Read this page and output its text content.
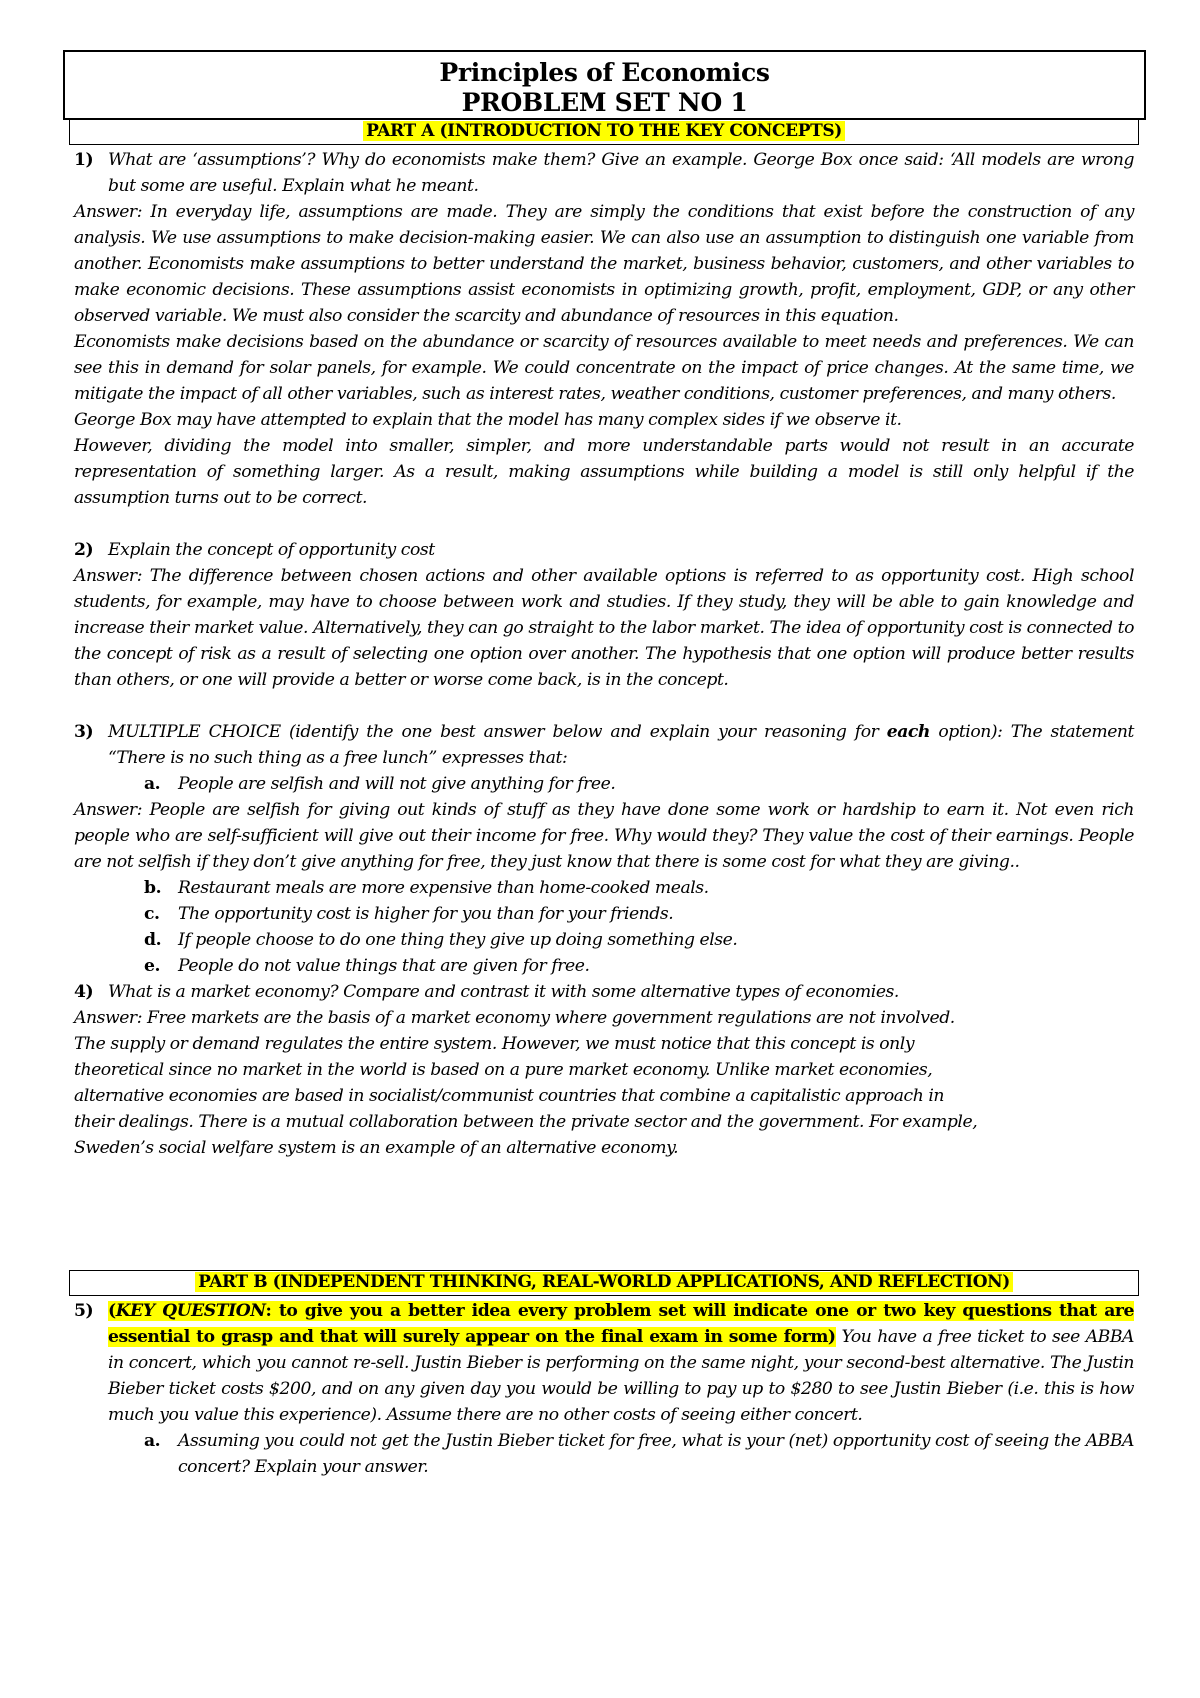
Principles of Economics
PROBLEM SET NO 1
PART A (INTRODUCTION TO THE KEY CONCEPTS)
1) What are ‘assumptions’? Why do economists make them? Give an example. George Box once said: ‘All models are wrong but some are useful. Explain what he meant.

Answer: In everyday life, assumptions are made. They are simply the conditions that exist before the construction of any analysis. We use assumptions to make decision-making easier. We can also use an assumption to distinguish one variable from another. Economists make assumptions to better understand the market, business behavior, customers, and other variables to make economic decisions. These assumptions assist economists in optimizing growth, profit, employment, GDP, or any other observed variable. We must also consider the scarcity and abundance of resources in this equation.

Economists make decisions based on the abundance or scarcity of resources available to meet needs and preferences. We can see this in demand for solar panels, for example. We could concentrate on the impact of price changes. At the same time, we mitigate the impact of all other variables, such as interest rates, weather conditions, customer preferences, and many others.

George Box may have attempted to explain that the model has many complex sides if we observe it.

However, dividing the model into smaller, simpler, and more understandable parts would not result in an accurate representation of something larger. As a result, making assumptions while building a model is still only helpful if the assumption turns out to be correct.

2) Explain the concept of opportunity cost

Answer: The difference between chosen actions and other available options is referred to as opportunity cost. High school students, for example, may have to choose between work and studies. If they study, they will be able to gain knowledge and increase their market value. Alternatively, they can go straight to the labor market. The idea of opportunity cost is connected to the concept of risk as a result of selecting one option over another. The hypothesis that one option will produce better results than others, or one will provide a better or worse come back, is in the concept.

3) MULTIPLE CHOICE (identify the one best answer below and explain your reasoning for each option): The statement “There is no such thing as a free lunch” expresses that:
a.	People are selfish and will not give anything for free.

Answer: People are selfish for giving out kinds of stuff as they have done some work or hardship to earn it. Not even rich people who are self-sufficient will give out their income for free. Why would they? They value the cost of their earnings. People are not selfish if they don’t give anything for free, they just know that there is some cost for what they are giving..

b. Restaurant meals are more expensive than home-cooked meals.
c.	The opportunity cost is higher for you than for your friends.
d. If people choose to do one thing they give up doing something else.
e.	People do not value things that are given for free.
4) What is a market economy? Compare and contrast it with some alternative types of economies.

Answer: Free markets are the basis of a market economy where government regulations are not involved. The supply or demand regulates the entire system. However, we must notice that this concept is only theoretical since no market in the world is based on a pure market economy. Unlike market economies, alternative economies are based in socialist/communist countries that combine a capitalistic approach in their dealings. There is a mutual collaboration between the private sector and the government. For example, Sweden’s social welfare system is an example of an alternative economy.

PART B (INDEPENDENT THINKING, REAL-WORLD APPLICATIONS, AND REFLECTION)
5) (KEY QUESTION: to give you a better idea every problem set will indicate one or two key questions that are essential to grasp and that will surely appear on the final exam in some form) You have a free ticket to see ABBA in concert, which you cannot re-sell. Justin Bieber is performing on the same night, your second-best alternative. The Justin Bieber ticket costs $200, and on any given day you would be willing to pay up to $280 to see Justin Bieber (i.e. this is how much you value this experience). Assume there are no other costs of seeing either concert.
a.	Assuming you could not get the Justin Bieber ticket for free, what is your (net) opportunity cost of seeing the ABBA concert? Explain your answer.
